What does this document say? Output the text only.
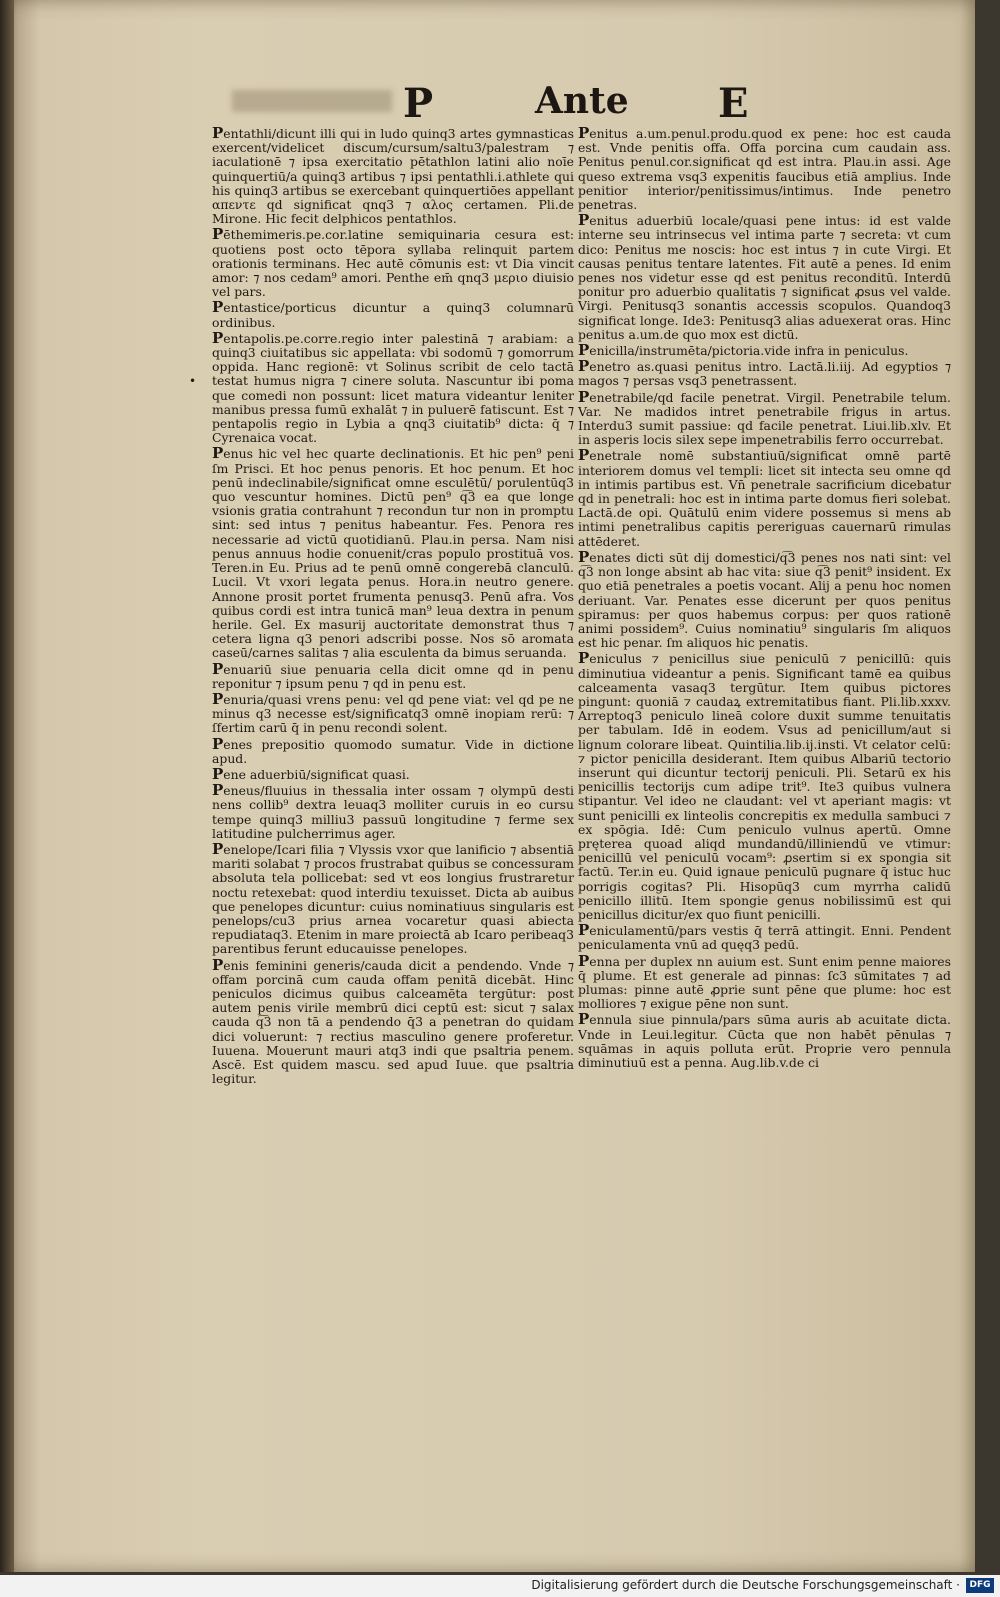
P	Ante E
•

Pentathli/dicunt illi qui in ludo quinq3 artes gymnasticas exercent/videlicet discum/cursum/saltu3/palestram ⁊ iaculationē ⁊ ipsa exercitatio pētathlon latini alio noīe quinquertiū/a quinq3 artibus ⁊ ipsi pentathli.i.athlete qui his quinq3 artibus se exercebant quinquertiōes appellant απεντε qd significat qnq3 ⁊ αλος certamen. Pli.de Mirone. Hic fecit delphicos pentathlos.

Pēthemimeris.pe.cor.latine semiquinaria cesura est: quotiens post octo tēpora syllaba relinquit partem orationis terminans. Hec autē cōmunis est: vt Dia vincit amor: ⁊ nos cedam⁹ amori. Penthe em̄ qnq3 μεριο diuisio vel pars.

Pentastice/porticus dicuntur a quinq3 columnarū ordinibus.

Pentapolis.pe.corre.regio inter palestinā ⁊ arabiam: a quinq3 ciuitatibus sic appellata: vbi sodomū ⁊ gomorrum oppida. Hanc regionē: vt Solinus scribit de celo tactā testat humus nigra ⁊ cinere soluta. Nascuntur ibi poma que comedi non possunt: licet matura videantur leniter manibus pressa fumū exhalāt ⁊ in puluerē fatiscunt. Est ⁊ pentapolis regio in Lybia a qnq3 ciuitatib⁹ dicta: q̄ ⁊ Cyrenaica vocat.

Penus hic vel hec quarte declinationis. Et hic pen⁹ peni ſm Prisci. Et hoc penus penoris. Et hoc penum. Et hoc penū indeclinabile/significat omne esculētū/ porulentūq3 quo vescuntur homines. Dictū pen⁹ q͡3 ea que longe vsionis gratia contrahunt ⁊ recondun tur non in promptu sint: sed intus ⁊ penitus habeantur. Fes. Penora res necessarie ad victū quotidianū. Plau.in persa. Nam nisi penus annuus hodie conuenit/cras populo prostituā vos. Teren.in Eu. Prius ad te penū omnē congerebā clanculū. Lucil. Vt vxori legata penus. Hora.in neutro genere. Annone prosit portet frumenta penusq3. Penū afra. Vos quibus cordi est intra tunicā man⁹ leua dextra in penum herile. Gel. Ex masurij auctoritate demonstrat thus ⁊ cetera ligna q3 penori adscribi posse. Nos sō aromata caseū/carnes salitas ⁊ alia esculenta da bimus seruanda.

Penuariū siue penuaria cella dicit omne qd in penu reponitur ⁊ ipsum penu ⁊ qd in penu est.

Penuria/quasi vrens penu: vel qd pene viat: vel qd pe ne minus q3 necesse est/significatq3 omnē inopiam rerū: ⁊ ſfertim carū q̄ in penu recondi solent.

Penes prepositio quomodo sumatur. Vide in dictione apud.

Pene aduerbiū/significat quasi.

Peneus/fluuius in thessalia inter ossam ⁊ olympū desti nens collib⁹ dextra leuaq3 molliter curuis in eo cursu tempe quinq3 milliu3 passuū longitudine ⁊ ferme sex latitudine pulcherrimus ager.

Penelope/Icari filia ⁊ Vlyssis vxor que lanificio ⁊ absentiā mariti solabat ⁊ procos frustrabat quibus se concessuram absoluta tela pollicebat: sed vt eos longius frustraretur noctu retexebat: quod interdiu texuisset. Dicta ab auibus que penelopes dicuntur: cuius nominatiuus singularis est penelops/cu3 prius arnea vocaretur quasi abiecta repudiataq3. Etenim in mare proiectā ab Icaro peribeaq3 parentibus ferunt educauisse penelopes.

Penis feminini generis/cauda dicit a pendendo. Vnde ⁊ offam porcinā cum cauda offam penitā dicebāt. Hinc peniculos dicimus quibus calceamēta tergūtur: post autem penis virile membrū dici ceptū est: sicut ⁊ salax cauda q͡3 non tā a pendendo q̄3 a penetran do quidam dici voluerunt: ⁊ rectius masculino genere proferetur. Iuuena. Mouerunt mauri atq3 indi que psaltria penem. Ascē. Est quidem mascu. sed apud Iuue. que psaltria legitur.

Penitus a.um.penul.produ.quod ex pene: hoc est cauda est. Vnde penitis offa. Offa porcina cum caudain ass. Penitus penul.cor.significat qd est intra. Plau.in assi. Age queso extrema vsq3 expenitis faucibus etiā amplius. Inde penitior interior/penitissimus/intimus. Inde penetro penetras.

Penitus aduerbiū locale/quasi pene intus: id est valde interne seu intrinsecus vel intima parte ⁊ secreta: vt cum dico: Penitus me noscis: hoc est intus ⁊ in cute Virgi. Et causas penitus tentare latentes. Fit autē a penes. Id enim penes nos videtur esse qd est penitus reconditū. Interdū ponitur pro aduerbio qualitatis ⁊ significat ꝓsus vel valde. Virgi. Penitusq3 sonantis accessis scopulos. Quandoq3 significat longe. Ide3: Penitusq3 alias aduexerat oras. Hinc penitus a.um.de quo mox est dictū.

Penicilla/instrumēta/pictoria.vide infra in peniculus.

Penetro as.quasi penitus intro. Lactā.li.iij. Ad egyptios ⁊ magos ⁊ persas vsq3 penetrassent.

Penetrabile/qd facile penetrat. Virgil. Penetrabile telum. Var. Ne madidos intret penetrabile frigus in artus. Interdu3 sumit passiue: qd facile penetrat. Liui.lib.xlv. Et in asperis locis silex sepe impenetrabilis ferro occurrebat.

Penetrale nomē substantiuū/significat omnē partē interiorem domus vel templi: licet sit intecta seu omne qd in intimis partibus est. Vn̄ penetrale sacrificium dicebatur qd in penetrali: hoc est in intima parte domus fieri solebat. Lactā.de opi. Quātulū enim videre possemus si mens ab intimi penetralibus capitis pereriguas cauernarū rimulas attēderet.

Penates dicti sūt dij domestici/q͡3 penes nos nati sint: vel q͡3 non longe absint ab hac vita: siue q͡3 penit⁹ insident. Ex quo etiā penetrales a poetis vocant. Alij a penu hoc nomen deriuant. Var. Penates esse dicerunt per quos penitus spiramus: per quos habemus corpus: per quos rationē animi possidem⁹. Cuius nominatiu⁹ singularis ſm aliquos est hic penar. ſm aliquos hic penatis.

Peniculus ⁊ penicillus siue peniculū ⁊ penicillū: quis diminutiua videantur a penis. Significant tamē ea quibus calceamenta vasaq3 tergūtur. Item quibus pictores pingunt: quoniā ⁊ caudaꝝ extremitatibus fiant. Pli.lib.xxxv. Arreptoq3 peniculo lineā colore duxit summe tenuitatis per tabulam. Idē in eodem. Vsus ad penicillum/aut si lignum colorare libeat. Quintilia.lib.ij.insti. Vt celator celū: ⁊ pictor penicilla desiderant. Item quibus Albariū tectorio inserunt qui dicuntur tectorij peniculi. Pli. Setarū ex his penicillis tectorijs cum adipe trit⁹. Ite3 quibus vulnera stipantur. Vel ideo ne claudant: vel vt aperiant magis: vt sunt penicilli ex linteolis concrepitis ex medulla sambuci ⁊ ex spōgia. Idē: Cum peniculo vulnus apertū. Omne pręterea quoad aliqd mundandū/illiniendū ve vtimur: penicillū vel peniculū vocam⁹: ꝓsertim si ex spongia sit factū. Ter.in eu. Quid ignaue peniculū pugnare q̄ istuc huc porrigis cogitas? Pli. Hisopūq3 cum myrrha calidū penicillo illitū. Item spongie genus nobilissimū est qui penicillus dicitur/ex quo fiunt penicilli.

Peniculamentū/pars vestis q̄ terrā attingit. Enni. Pendent peniculamenta vnū ad quęq3 pedū.

Penna per duplex nn auium est. Sunt enim penne maiores q̄ plume. Et est generale ad pinnas: ſc3 sūmitates ⁊ ad plumas: pinne autē ꝓprie sunt pēne que plume: hoc est molliores ⁊ exigue pēne non sunt.

Pennula siue pinnula/pars sūma auris ab acuitate dicta. Vnde in Leui.legitur. Cūcta que non habēt pēnulas ⁊ squāmas in aquis polluta erūt. Proprie vero pennula diminutiuū est a penna. Aug.lib.v.de ci

Digitalisierung gefördert durch die Deutsche Forschungsgemeinschaft ·	DFG
